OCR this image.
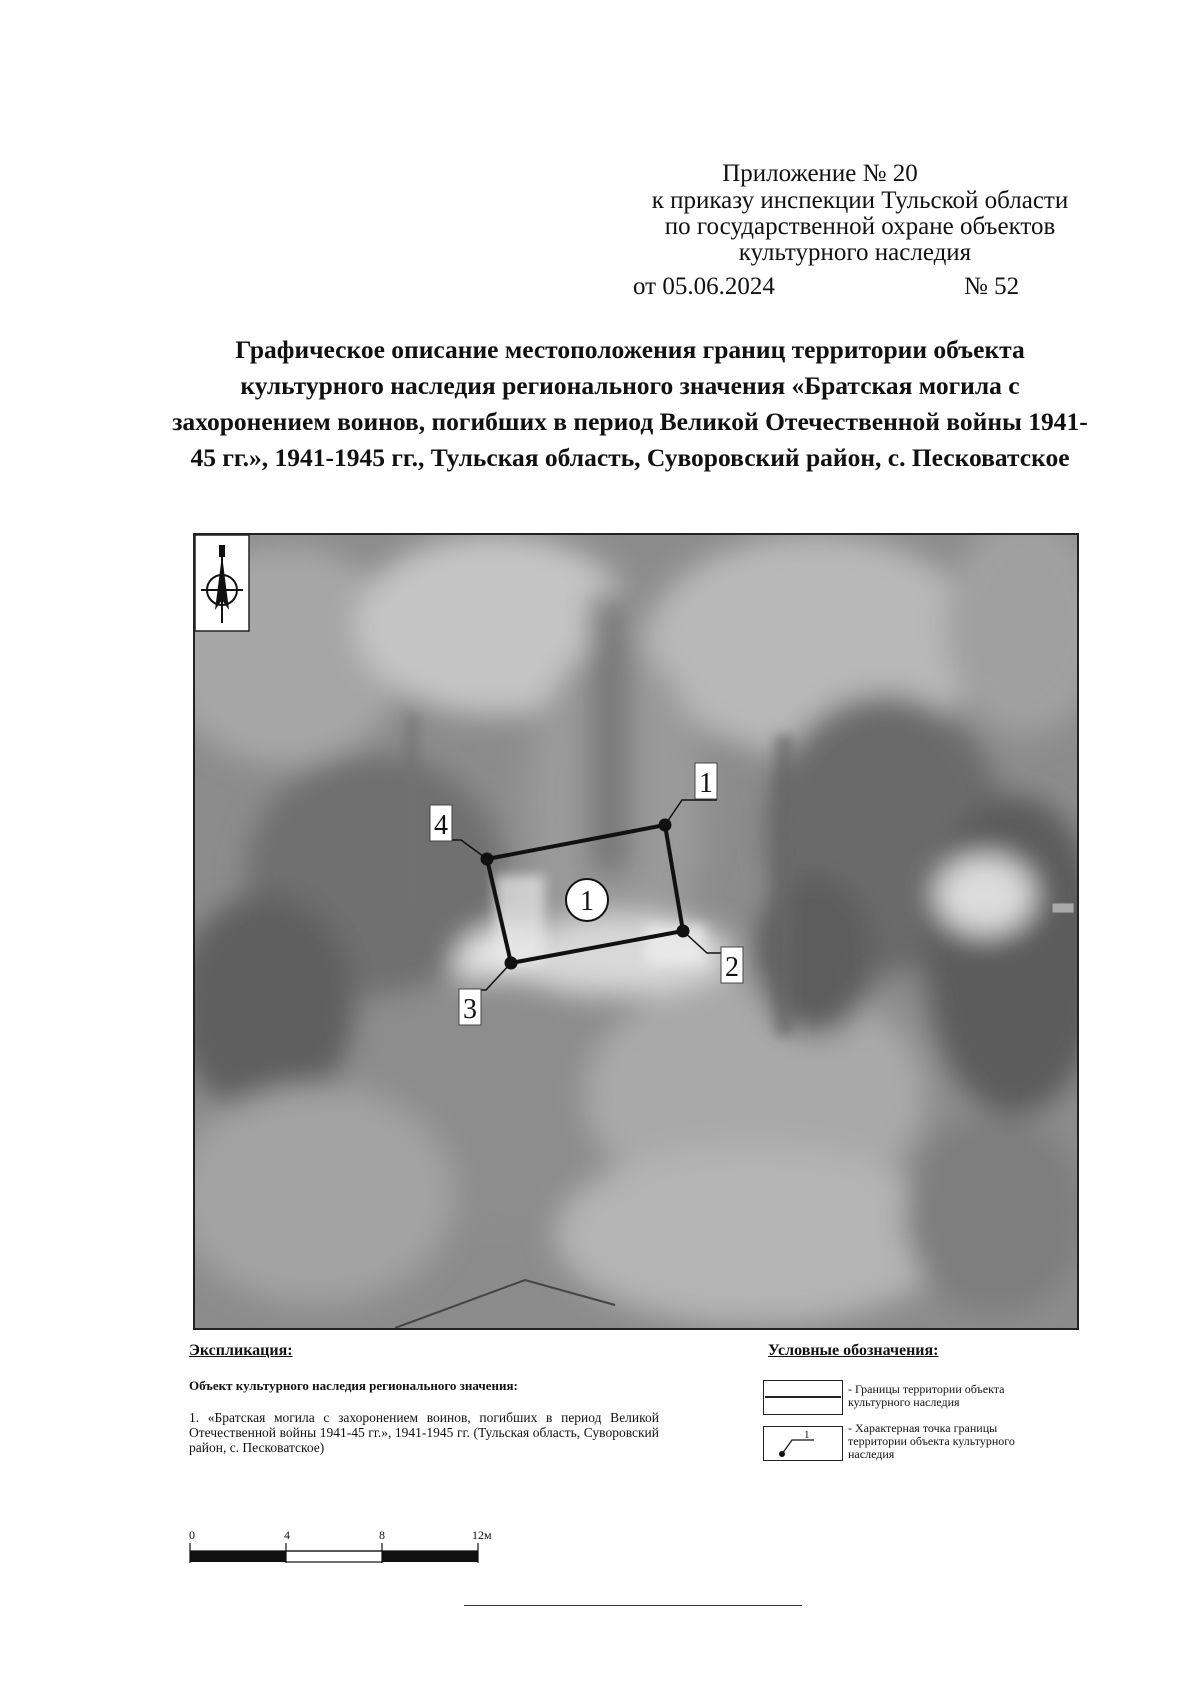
Приложение № 20
к приказу инспекции Тульской области
по государственной охране объектов
культурного наследия
от 05.06.2024	№ 52
Графическое описание местоположения границ территории объекта культурного наследия регионального значения «Братская могила с захоронением воинов, погибших в период Великой Отечественной войны 1941-45 гг.», 1941-1945 гг., Тульская область, Суворовский район, с. Песковатское
1
2
3
4
1
Экспликация:
Объект культурного наследия регионального значения:
1. «Братская могила с захоронением воинов, погибших в период Великой Отечественной войны 1941-45 гг.», 1941-1945 гг. (Тульская область, Суворовский район, с. Песковатское)
Условные обозначения:
- Границы территории объекта культурного наследия
1	- Характерная точка границы территории объекта культурного наследия
0	4	8	12м
